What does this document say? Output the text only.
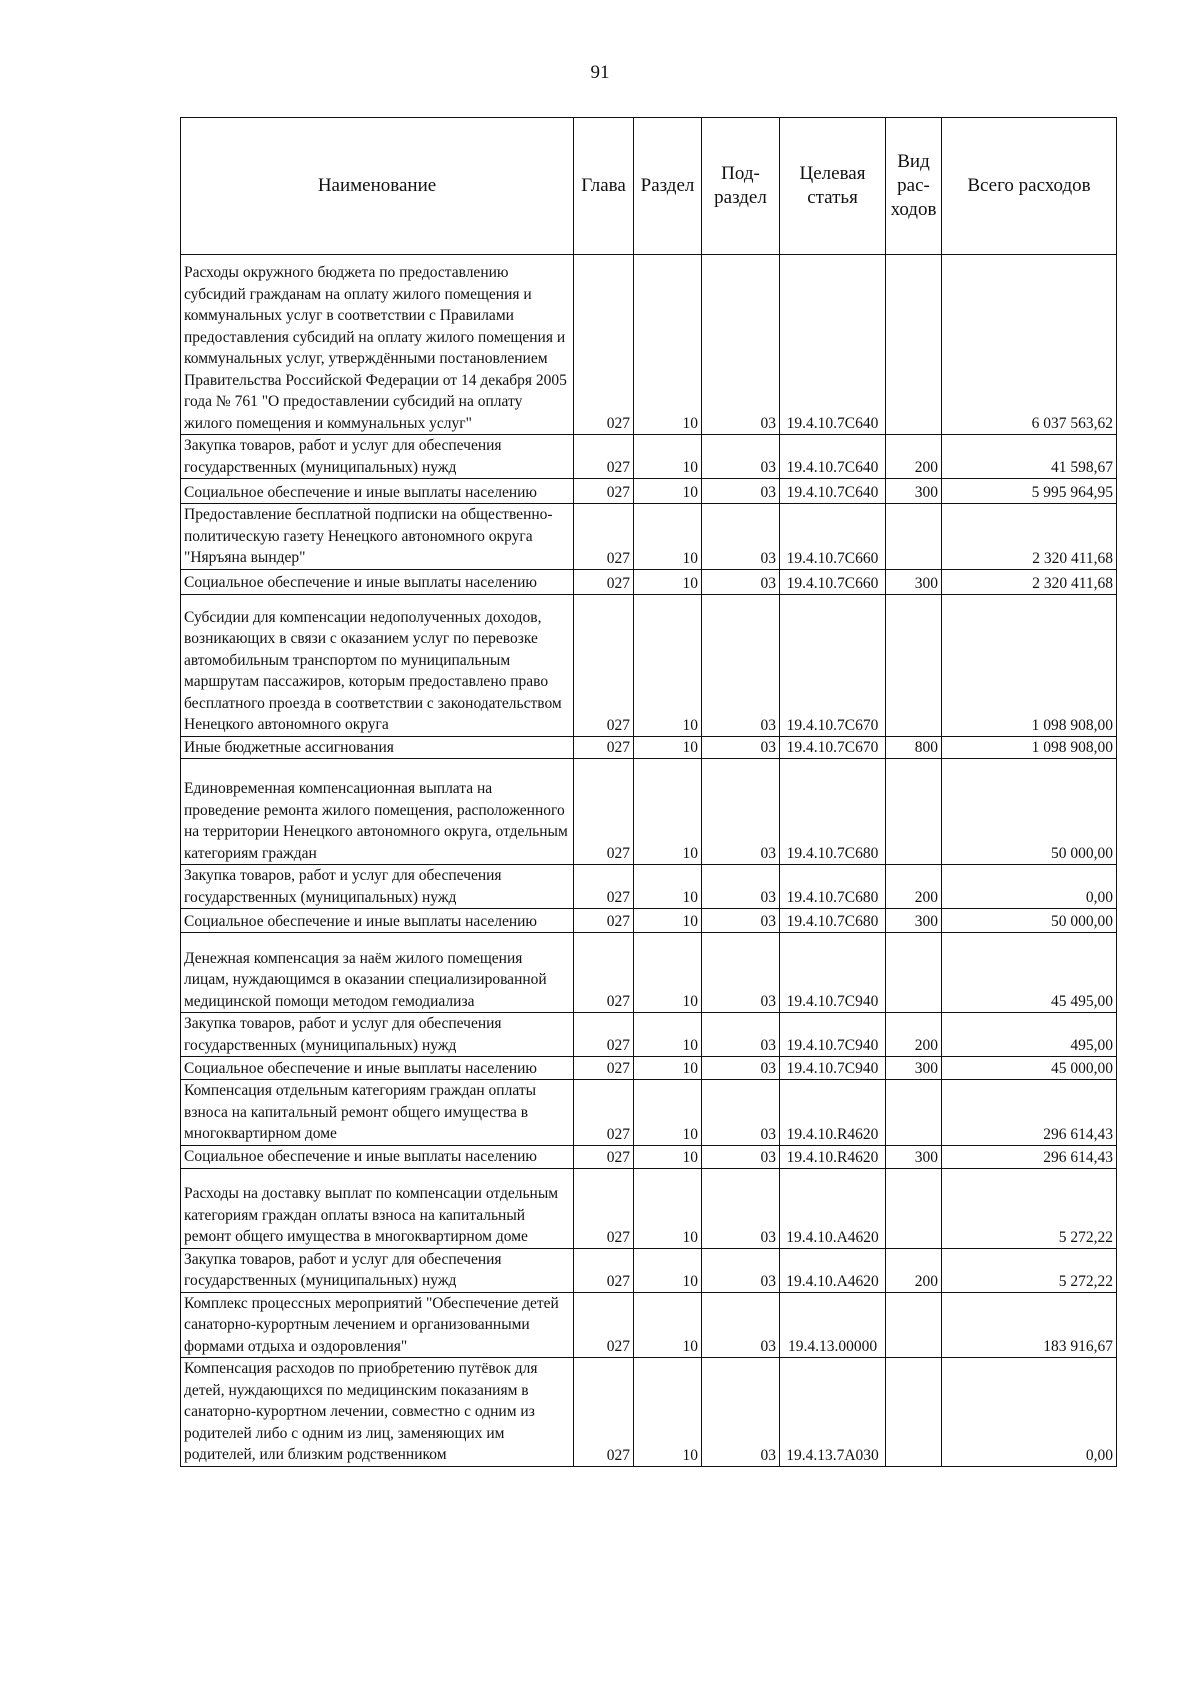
91
Наименование	Глава	Раздел	Под-раздел	Целевая статья	Вид рас-ходов	Всего расходов
Расходы окружного бюджета по предоставлению субсидий гражданам на оплату жилого помещения и коммунальных услуг в соответствии с Правилами предоставления субсидий на оплату жилого помещения и коммунальных услуг, утверждёнными постановлением Правительства Российской Федерации от 14 декабря 2005 года № 761 "О предоставлении субсидий на оплату жилого помещения и коммунальных услуг"	027	10	03	19.4.10.7С640		6 037 563,62
Закупка товаров, работ и услуг для обеспечения государственных (муниципальных) нужд	027	10	03	19.4.10.7С640	200	41 598,67
Социальное обеспечение и иные выплаты населению	027	10	03	19.4.10.7С640	300	5 995 964,95
Предоставление бесплатной подписки на общественно-политическую газету Ненецкого автономного округа "Няръяна вындер"	027	10	03	19.4.10.7С660		2 320 411,68
Социальное обеспечение и иные выплаты населению	027	10	03	19.4.10.7С660	300	2 320 411,68
Субсидии для компенсации недополученных доходов, возникающих в связи с оказанием услуг по перевозке автомобильным транспортом по муниципальным маршрутам пассажиров, которым предоставлено право бесплатного проезда в соответствии с законодательством Ненецкого автономного округа	027	10	03	19.4.10.7С670		1 098 908,00
Иные бюджетные ассигнования	027	10	03	19.4.10.7С670	800	1 098 908,00
Единовременная компенсационная выплата на проведение ремонта жилого помещения, расположенного на территории Ненецкого автономного округа, отдельным категориям граждан	027	10	03	19.4.10.7С680		50 000,00
Закупка товаров, работ и услуг для обеспечения государственных (муниципальных) нужд	027	10	03	19.4.10.7С680	200	0,00
Социальное обеспечение и иные выплаты населению	027	10	03	19.4.10.7С680	300	50 000,00
Денежная компенсация за наём жилого помещения лицам, нуждающимся в оказании специализированной медицинской помощи методом гемодиализа	027	10	03	19.4.10.7С940		45 495,00
Закупка товаров, работ и услуг для обеспечения государственных (муниципальных) нужд	027	10	03	19.4.10.7С940	200	495,00
Социальное обеспечение и иные выплаты населению	027	10	03	19.4.10.7С940	300	45 000,00
Компенсация отдельным категориям граждан оплаты взноса на капитальный ремонт общего имущества в многоквартирном доме	027	10	03	19.4.10.R4620		296 614,43
Социальное обеспечение и иные выплаты населению	027	10	03	19.4.10.R4620	300	296 614,43
Расходы на доставку выплат по компенсации отдельным категориям граждан оплаты взноса на капитальный ремонт общего имущества в многоквартирном доме	027	10	03	19.4.10.А4620		5 272,22
Закупка товаров, работ и услуг для обеспечения государственных (муниципальных) нужд	027	10	03	19.4.10.А4620	200	5 272,22
Комплекс процессных мероприятий "Обеспечение детей санаторно-курортным лечением и организованными формами отдыха и оздоровления"	027	10	03	19.4.13.00000		183 916,67
Компенсация расходов по приобретению путёвок для детей, нуждающихся по медицинским показаниям в санаторно-курортном лечении, совместно с одним из родителей либо с одним из лиц, заменяющих им родителей, или близким родственником	027	10	03	19.4.13.7А030		0,00
